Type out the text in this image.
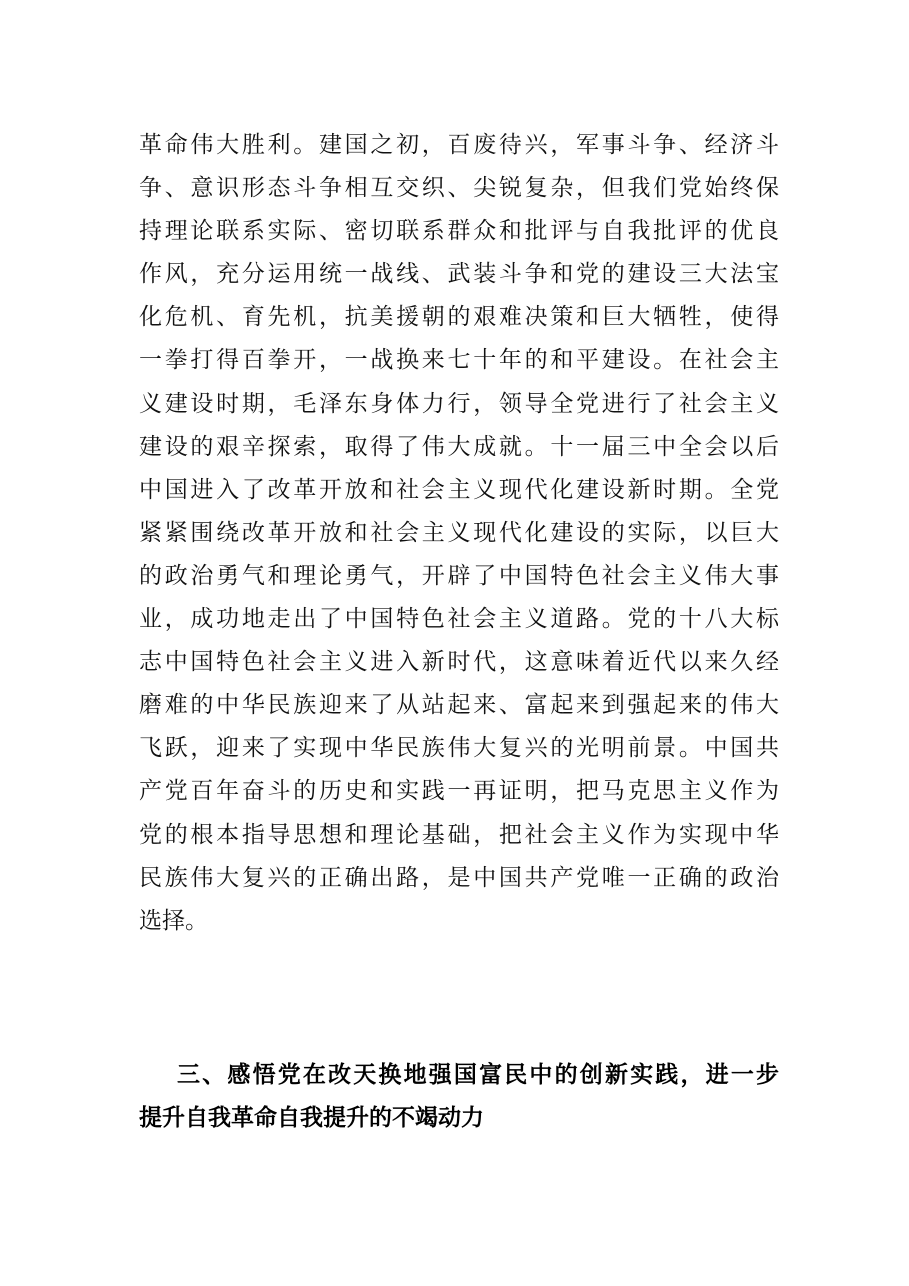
革命伟大胜利。建国之初，百废待兴，军事斗争、经济斗
争、意识形态斗争相互交织、尖锐复杂，但我们党始终保
持理论联系实际、密切联系群众和批评与自我批评的优良
作风，充分运用统一战线、武装斗争和党的建设三大法宝
化危机、育先机，抗美援朝的艰难决策和巨大牺牲，使得
一拳打得百拳开，一战换来七十年的和平建设。在社会主
义建设时期，毛泽东身体力行，领导全党进行了社会主义
建设的艰辛探索，取得了伟大成就。十一届三中全会以后
中国进入了改革开放和社会主义现代化建设新时期。全党
紧紧围绕改革开放和社会主义现代化建设的实际，以巨大
的政治勇气和理论勇气，开辟了中国特色社会主义伟大事
业，成功地走出了中国特色社会主义道路。党的十八大标
志中国特色社会主义进入新时代，这意味着近代以来久经
磨难的中华民族迎来了从站起来、富起来到强起来的伟大
飞跃，迎来了实现中华民族伟大复兴的光明前景。中国共
产党百年奋斗的历史和实践一再证明，把马克思主义作为
党的根本指导思想和理论基础，把社会主义作为实现中华
民族伟大复兴的正确出路，是中国共产党唯一正确的政治
选择。
三、感悟党在改天换地强国富民中的创新实践，进一步
提升自我革命自我提升的不竭动力
